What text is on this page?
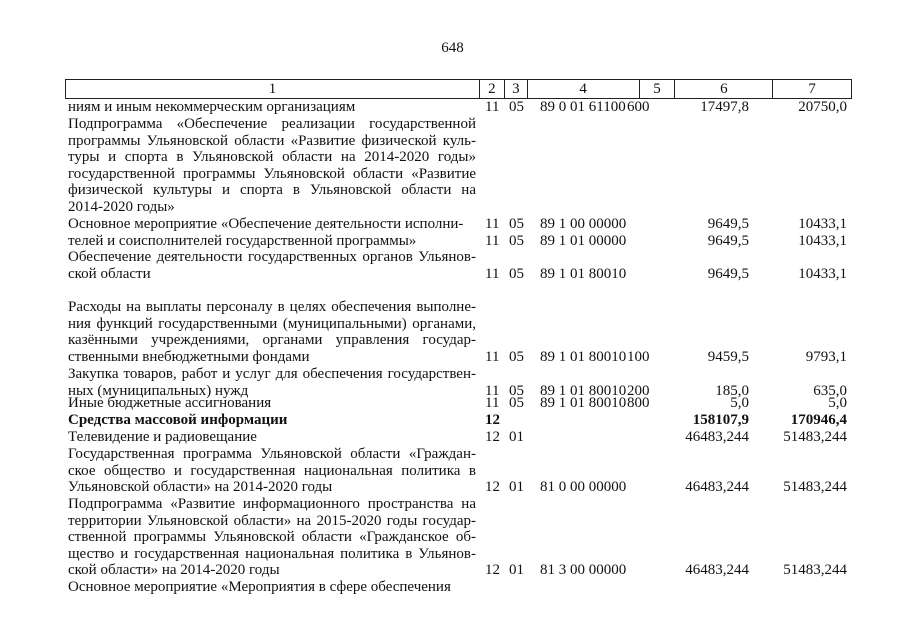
648
1	2	3	4	5	6	7
ниям и иным некоммерческим организациям	11 05 89 0 01 61100 600	17497,8	20750,0
Подпрограмма «Обеспечение реализации государственной
программы Ульяновской области «Развитие физической куль-
туры и спорта в Ульяновской области на 2014-2020 годы»
государственной программы Ульяновской области «Развитие
физической культуры и спорта в Ульяновской области на
2014-2020 годы»
Основное мероприятие «Обеспечение деятельности исполни-	11 05 89 1 00 00000	9649,5	10433,1
телей и соисполнителей государственной программы»	11 05 89 1 01 00000	9649,5	10433,1
Обеспечение деятельности государственных органов Ульянов-
ской области	11 05 89 1 01 80010	9649,5	10433,1
Расходы на выплаты персоналу в целях обеспечения выполне-
ния функций государственными (муниципальными) органами,
казёнными учреждениями, органами управления государ-
ственными внебюджетными фондами	11 05 89 1 01 80010 100	9459,5	9793,1
Закупка товаров, работ и услуг для обеспечения государствен-
ных (муниципальных) нужд	11 05 89 1 01 80010 200	185,0	635,0
Иные бюджетные ассигнования	11 05 89 1 01 80010 800	5,0	5,0
Средства массовой информации	12	158107,9	170946,4
Телевидение и радиовещание	12 01	46483,244 51483,244
Государственная программа Ульяновской области «Граждан-
ское общество и государственная национальная политика в
Ульяновской области» на 2014-2020 годы	12 01 81 0 00 00000	46483,244 51483,244
Подпрограмма «Развитие информационного пространства на
территории Ульяновской области» на 2015-2020 годы государ-
ственной программы Ульяновской области «Гражданское об-
щество и государственная национальная политика в Ульянов-
ской области» на 2014-2020 годы	12 01 81 3 00 00000	46483,244 51483,244
Основное мероприятие «Мероприятия в сфере обеспечения
